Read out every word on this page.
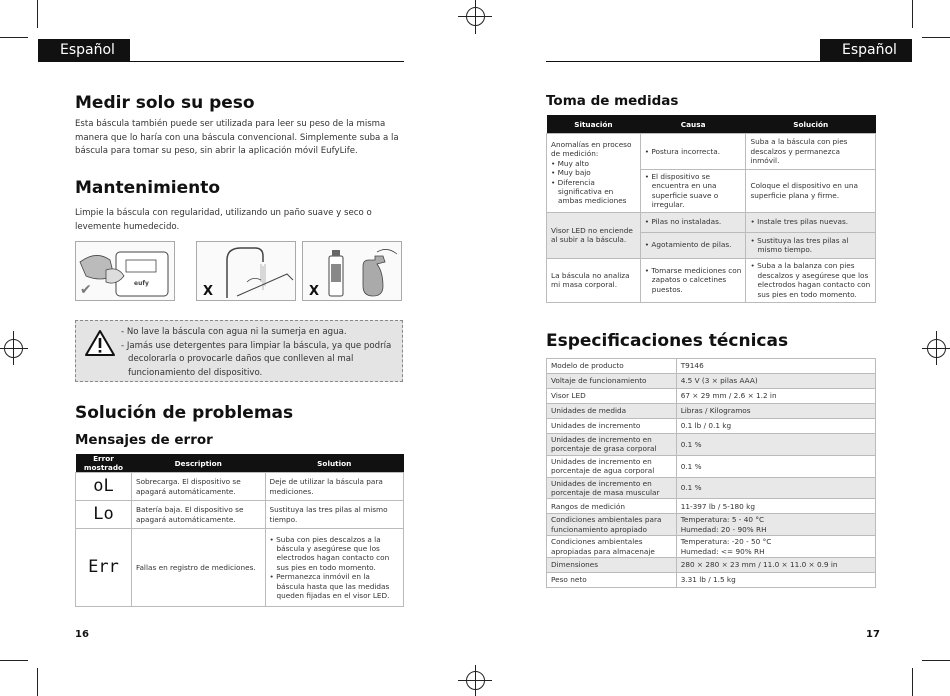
Español
Medir solo su peso

Esta báscula también puede ser utilizada para leer su peso de la misma manera que lo haría con una báscula convencional. Simplemente suba a la báscula para tomar su peso, sin abrir la aplicación móvil EufyLife.

Mantenimiento

Limpie la báscula con regularidad, utilizando un paño suave y seco o levemente humedecido.

✔	eufy
X	X
- No lave la báscula con agua ni la sumerja en agua.
- Jamás use detergentes para limpiar la báscula, ya que podría decolorarla o provocarle daños que conlleven al mal funcionamiento del dispositivo.
Solución de problemas
Mensajes de error
Error mostrado	Description	Solution
oL	Sobrecarga. El dispositivo se apagará automáticamente.	Deje de utilizar la báscula para mediciones.
Lo	Batería baja. El dispositivo se apagará automáticamente.	Sustituya las tres pilas al mismo tiempo.
Err	Fallas en registro de mediciones.	• Suba con pies descalzos a la báscula y asegúrese que los electrodos hagan contacto con sus pies en todo momento.
• Permanezca inmóvil en la báscula hasta que las medidas queden fijadas en el visor LED.
16
Español
Toma de medidas
Situación	Causa	Solución

Anomalías en proceso de medición:
• Muy alto
• Muy bajo
• Diferencia significativa en ambas mediciones	• Postura incorrecta.	Suba a la báscula con pies descalzos y permanezca inmóvil.
	• El dispositivo se encuentra en una superficie suave o irregular.	Coloque el dispositivo en una superficie plana y firme.
Visor LED no enciende al subir a la báscula.	• Pilas no instaladas.	• Instale tres pilas nuevas.
	• Agotamiento de pilas.	• Sustituya las tres pilas al mismo tiempo.
La báscula no analiza mi masa corporal.	• Tomarse mediciones con zapatos o calcetines puestos.	• Suba a la balanza con pies descalzos y asegúrese que los electrodos hagan contacto con sus pies en todo momento.
Especificaciones técnicas
Modelo de producto	T9146
Voltaje de funcionamiento	4.5 V (3 × pilas AAA)
Visor LED	67 × 29 mm / 2.6 × 1.2 in
Unidades de medida	Libras / Kilogramos
Unidades de incremento	0.1 lb / 0.1 kg
Unidades de incremento en porcentaje de grasa corporal	0.1 %
Unidades de incremento en porcentaje de agua corporal	0.1 %
Unidades de incremento en porcentaje de masa muscular	0.1 %
Rangos de medición	11-397 lb / 5-180 kg
Condiciones ambientales para funcionamiento apropiado	Temperatura: 5 - 40 °C
Humedad: 20 - 90% RH
Condiciones ambientales apropiadas para almacenaje	Temperatura: -20 - 50 °C
Humedad: <= 90% RH
Dimensiones	280 × 280 × 23 mm / 11.0 × 11.0 × 0.9 in
Peso neto	3.31 lb / 1.5 kg
17
